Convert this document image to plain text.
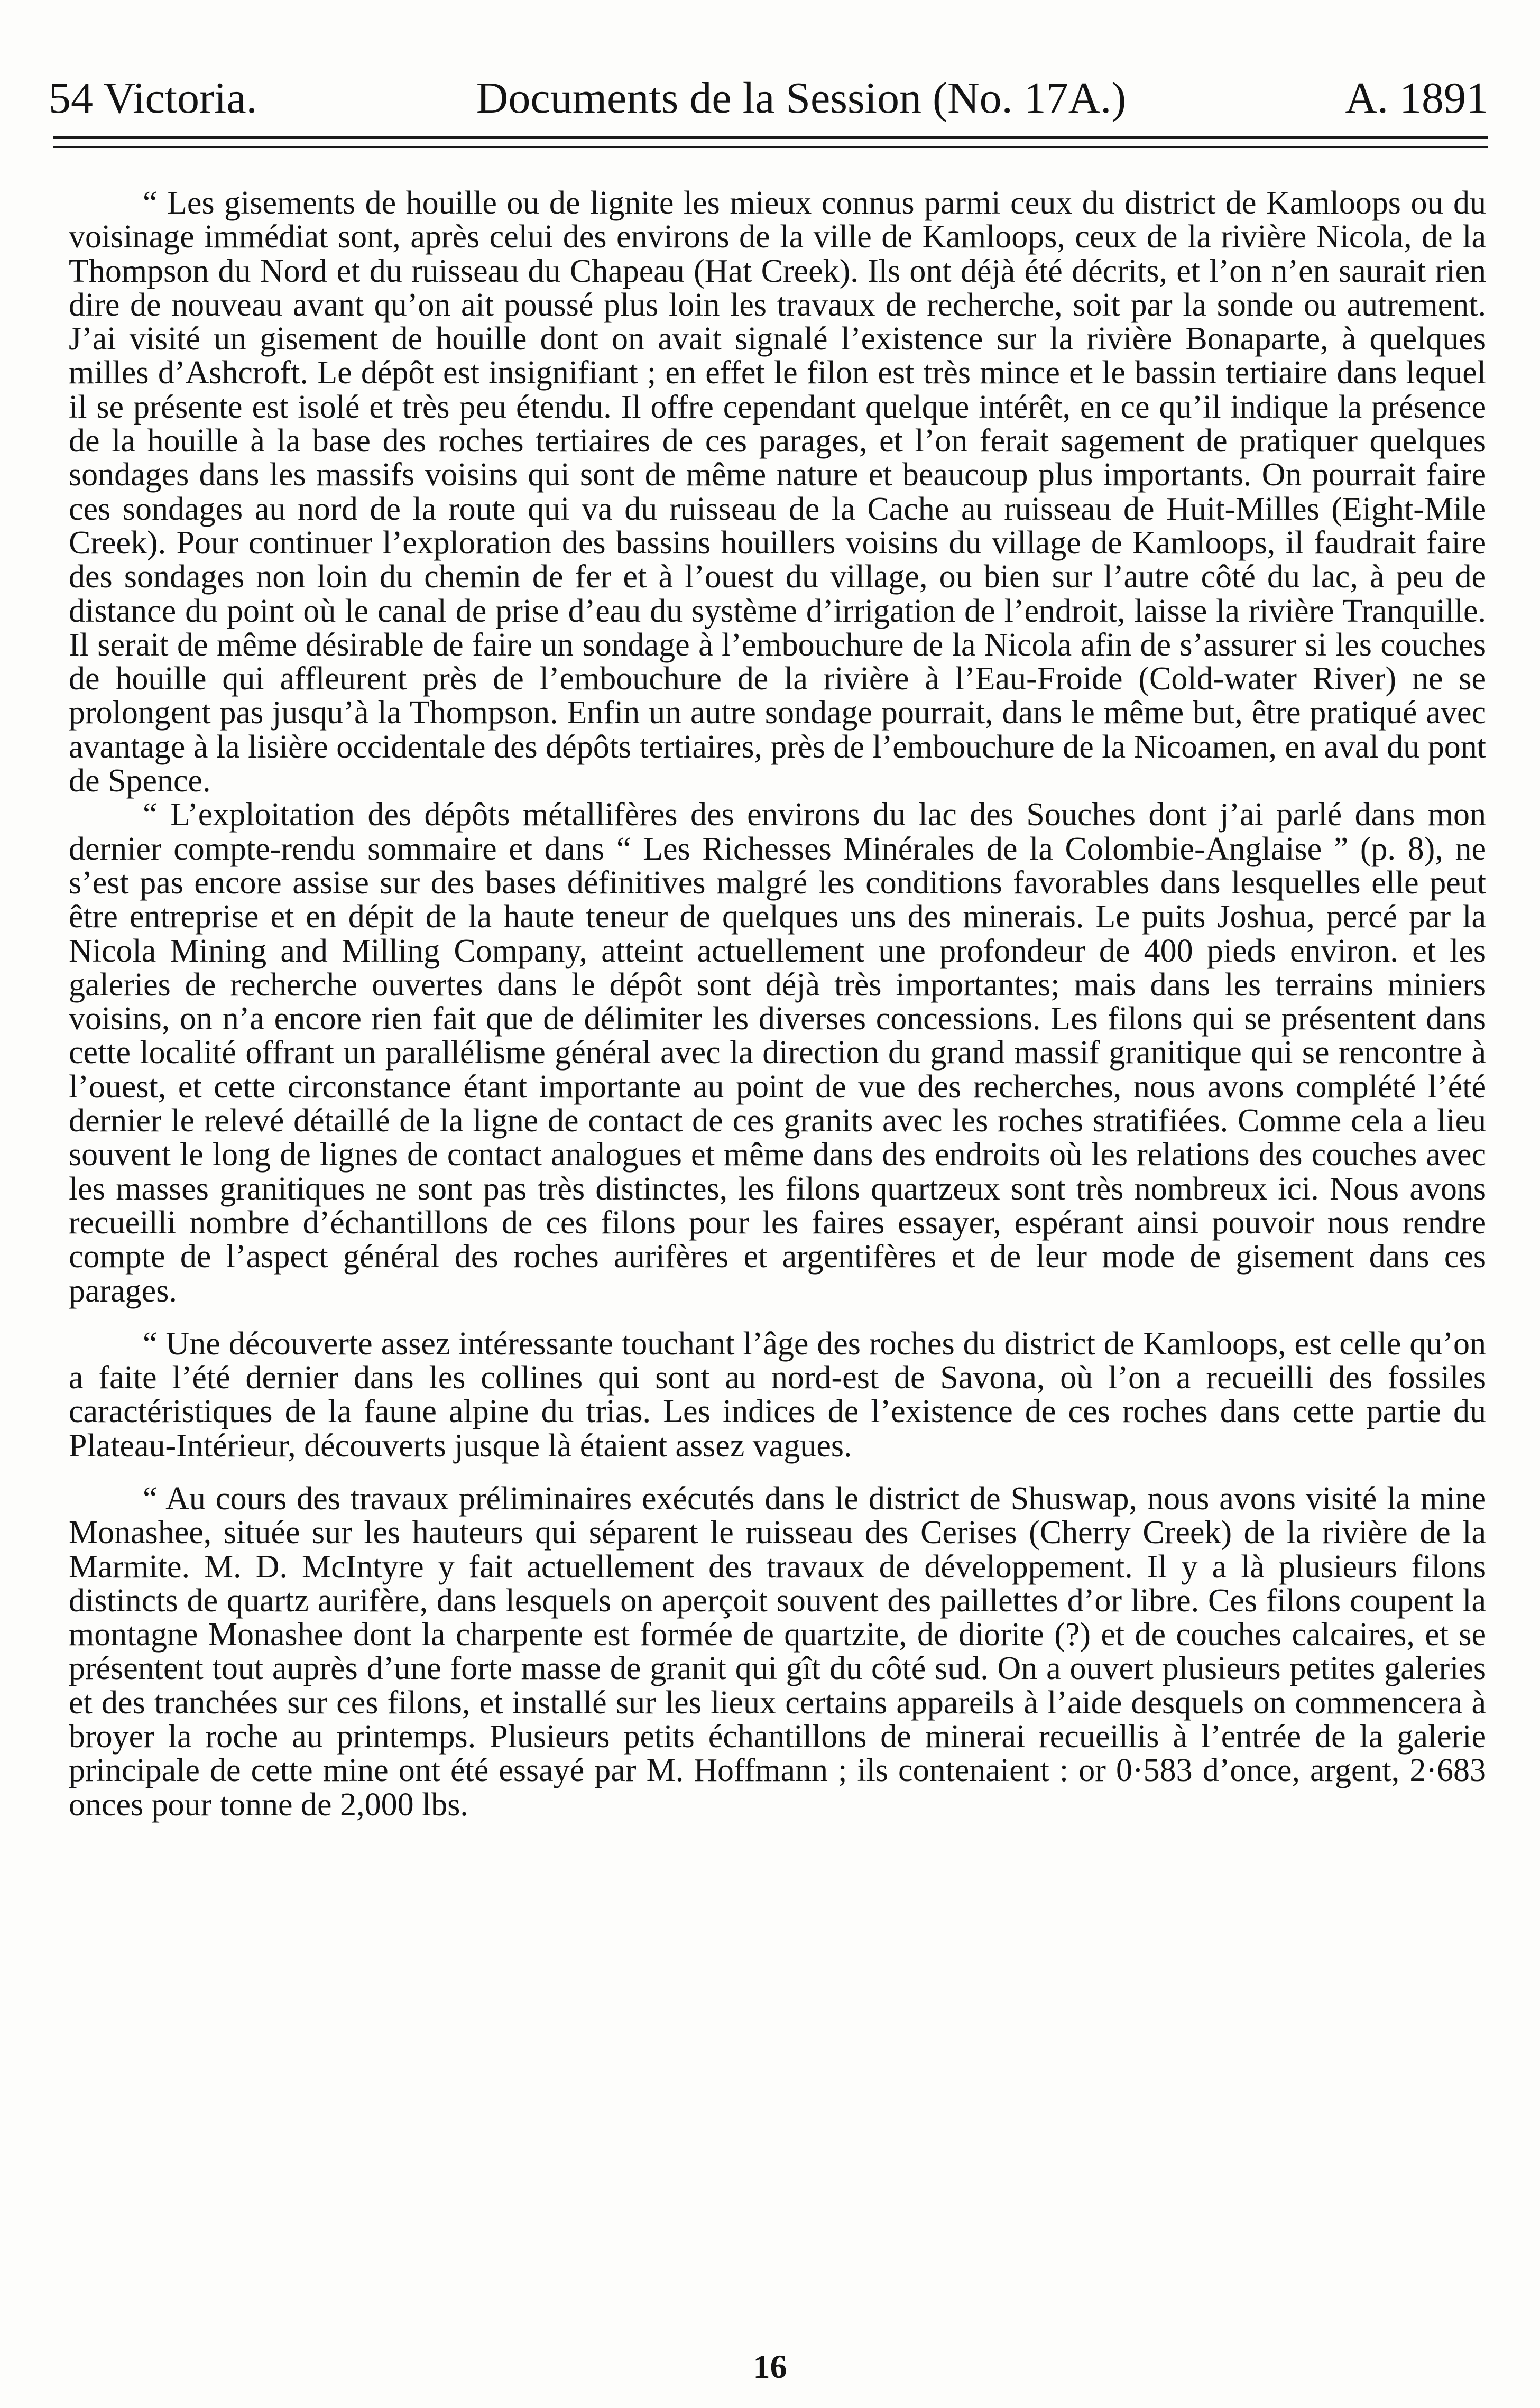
54 Victoria.	Documents de la Session (No. 17A.)	A. 1891

“ Les gisements de houille ou de lignite les mieux connus parmi ceux du district de Kamloops ou du voisinage immédiat sont, après celui des environs de la ville de Kamloops, ceux de la rivière Nicola, de la Thompson du Nord et du ruisseau du Chapeau (Hat Creek). Ils ont déjà été décrits, et l’on n’en saurait rien dire de nouveau avant qu’on ait poussé plus loin les travaux de recherche, soit par la sonde ou autrement. J’ai visité un gisement de houille dont on avait signalé l’existence sur la rivière Bonaparte, à quelques milles d’Ashcroft. Le dépôt est insignifiant ; en effet le filon est très mince et le bassin tertiaire dans lequel il se présente est isolé et très peu étendu. Il offre cependant quelque intérêt, en ce qu’il indique la présence de la houille à la base des roches tertiaires de ces parages, et l’on ferait sagement de pratiquer quelques sondages dans les massifs voisins qui sont de même nature et beaucoup plus importants. On pourrait faire ces sondages au nord de la route qui va du ruisseau de la Cache au ruisseau de Huit-Milles (Eight-Mile Creek). Pour continuer l’exploration des bassins houillers voisins du village de Kamloops, il faudrait faire des sondages non loin du chemin de fer et à l’ouest du village, ou bien sur l’autre côté du lac, à peu de distance du point où le canal de prise d’eau du système d’irrigation de l’endroit, laisse la rivière Tranquille. Il serait de même désirable de faire un sondage à l’embouchure de la Nicola afin de s’assurer si les couches de houille qui affleurent près de l’embouchure de la rivière à l’Eau-Froide (Cold-water River) ne se prolongent pas jusqu’à la Thompson. Enfin un autre sondage pourrait, dans le même but, être pratiqué avec avantage à la lisière occidentale des dépôts tertiaires, près de l’embouchure de la Nicoamen, en aval du pont de Spence.

“ L’exploitation des dépôts métallifères des environs du lac des Souches dont j’ai parlé dans mon dernier compte-rendu sommaire et dans “ Les Richesses Minérales de la Colombie-Anglaise ” (p. 8), ne s’est pas encore assise sur des bases définitives malgré les conditions favorables dans lesquelles elle peut être entreprise et en dépit de la haute teneur de quelques uns des minerais. Le puits Joshua, percé par la Nicola Mining and Milling Company, atteint actuellement une profondeur de 400 pieds environ. et les galeries de recherche ouvertes dans le dépôt sont déjà très importantes; mais dans les terrains miniers voisins, on n’a encore rien fait que de délimiter les diverses concessions. Les filons qui se présentent dans cette localité offrant un parallélisme général avec la direction du grand massif granitique qui se rencontre à l’ouest, et cette circonstance étant importante au point de vue des recherches, nous avons complété l’été dernier le relevé détaillé de la ligne de contact de ces granits avec les roches stratifiées. Comme cela a lieu souvent le long de lignes de contact analogues et même dans des endroits où les relations des couches avec les masses granitiques ne sont pas très distinctes, les filons quartzeux sont très nombreux ici. Nous avons recueilli nombre d’échantillons de ces filons pour les faires essayer, espérant ainsi pouvoir nous rendre compte de l’aspect général des roches aurifères et argentifères et de leur mode de gisement dans ces parages.

“ Une découverte assez intéressante touchant l’âge des roches du district de Kamloops, est celle qu’on a faite l’été dernier dans les collines qui sont au nord-est de Savona, où l’on a recueilli des fossiles caractéristiques de la faune alpine du trias. Les indices de l’existence de ces roches dans cette partie du Plateau-Intérieur, découverts jusque là étaient assez vagues.

“ Au cours des travaux préliminaires exécutés dans le district de Shuswap, nous avons visité la mine Monashee, située sur les hauteurs qui séparent le ruisseau des Cerises (Cherry Creek) de la rivière de la Marmite. M. D. McIntyre y fait actuellement des travaux de développement. Il y a là plusieurs filons distincts de quartz aurifère, dans lesquels on aperçoit souvent des paillettes d’or libre. Ces filons coupent la montagne Monashee dont la charpente est formée de quartzite, de diorite (?) et de couches calcaires, et se présentent tout auprès d’une forte masse de granit qui gît du côté sud. On a ouvert plusieurs petites galeries et des tranchées sur ces filons, et installé sur les lieux certains appareils à l’aide desquels on commencera à broyer la roche au printemps. Plusieurs petits échantillons de minerai recueillis à l’entrée de la galerie principale de cette mine ont été essayé par M. Hoffmann ; ils contenaient : or 0·583 d’once, argent, 2·683 onces pour tonne de 2,000 lbs.

16
